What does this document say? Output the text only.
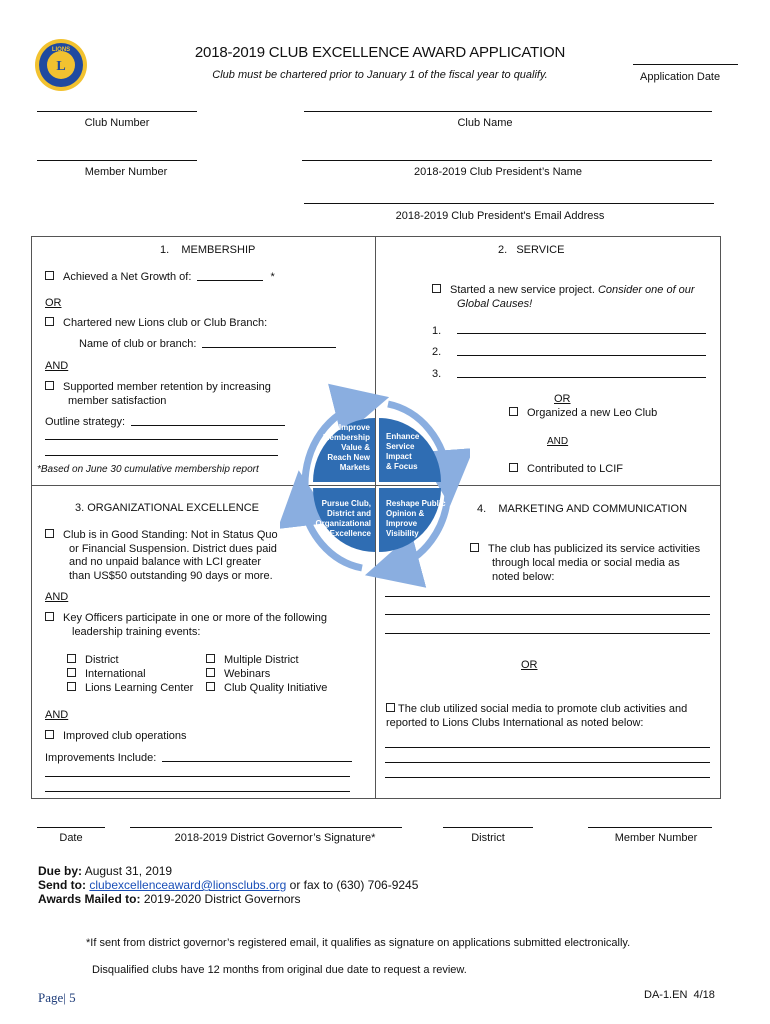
L
LIONS	2018-2019 CLUB EXCELLENCE AWARD APPLICATION
Club must be chartered prior to January 1 of the fiscal year to qualify.	Application Date
Club Number	Club Name
Member Number	2018-2019 Club President’s Name
2018-2019 Club President's Email Address
1.    MEMBERSHIP
Achieved a Net Growth of:	*
OR
Chartered new Lions club or Club Branch:
Name of club or branch:
AND
Supported member retention by increasing
member satisfaction
Outline strategy:
*Based on June 30 cumulative membership report
2.   SERVICE
Started a new service project. Consider one of our
Global Causes!
1.
2.
3.
OR
Organized a new Leo Club
AND
Contributed to LCIF
Improve
Membership
Value &
Reach New
Markets
Enhance
Service
Impact
& Focus
Pursue Club,
District and
Organizational
Excellence
Reshape Public
Opinion &
Improve
Visibility
3. ORGANIZATIONAL EXCELLENCE
Club is in Good Standing: Not in Status Quo
or Financial Suspension. District dues paid
and no unpaid balance with LCI greater
than US$50 outstanding 90 days or more.
AND
Key Officers participate in one or more of the following
leadership training events:
District
International
Lions Learning Center
Multiple District
Webinars
Club Quality Initiative
AND
Improved club operations
Improvements Include:
4.    MARKETING AND COMMUNICATION
The club has publicized its service activities
through local media or social media as
noted below:
OR
The club utilized social media to promote club activities and
reported to Lions Clubs International as noted below:
Date	2018-2019 District Governor’s Signature*	District	Member Number
Due by: August 31, 2019
Send to: clubexcellenceaward@lionsclubs.org or fax to (630) 706-9245
Awards Mailed to: 2019-2020 District Governors
*If sent from district governor’s registered email, it qualifies as signature on applications submitted electronically.
Disqualified clubs have 12 months from original due date to request a review.
Page| 5	DA-1.EN  4/18
